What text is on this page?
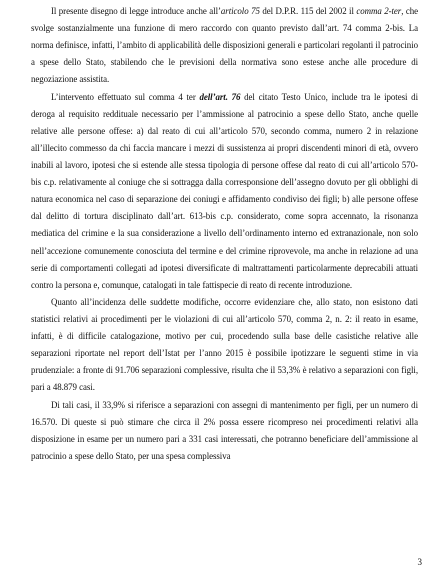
Il presente disegno di legge introduce anche all’articolo 75 del D.P.R. 115 del 2002 il comma 2-ter, che svolge sostanzialmente una funzione di mero raccordo con quanto previsto dall’art. 74 comma 2-bis. La norma definisce, infatti, l’ambito di applicabilità delle disposizioni generali e particolari regolanti il patrocinio a spese dello Stato, stabilendo che le previsioni della normativa sono estese anche alle procedure di negoziazione assistita.

L’intervento effettuato sul comma 4 ter dell’art. 76 del citato Testo Unico, include tra le ipotesi di deroga al requisito reddituale necessario per l’ammissione al patrocinio a spese dello Stato, anche quelle relative alle persone offese: a) dal reato di cui all’articolo 570, secondo comma, numero 2 in relazione all’illecito commesso da chi faccia mancare i mezzi di sussistenza ai propri discendenti minori di età, ovvero inabili al lavoro, ipotesi che si estende alle stessa tipologia di persone offese dal reato di cui all’articolo 570-bis c.p. relativamente al coniuge che si sottragga dalla corresponsione dell’assegno dovuto per gli obblighi di natura economica nel caso di separazione dei coniugi e affidamento condiviso dei figli; b) alle persone offese dal delitto di tortura disciplinato dall’art. 613-bis c.p. considerato, come sopra accennato, la risonanza mediatica del crimine e la sua considerazione a livello dell’ordinamento interno ed extranazionale, non solo nell’accezione comunemente conosciuta del termine e del crimine riprovevole, ma anche in relazione ad una serie di comportamenti collegati ad ipotesi diversificate di maltrattamenti particolarmente deprecabili attuati contro la persona e, comunque, catalogati in tale fattispecie di reato di recente introduzione.

Quanto all’incidenza delle suddette modifiche, occorre evidenziare che, allo stato, non esistono dati statistici relativi ai procedimenti per le violazioni di cui all’articolo 570, comma 2, n. 2: il reato in esame, infatti, è di difficile catalogazione, motivo per cui, procedendo sulla base delle casistiche relative alle separazioni riportate nel report dell’Istat per l’anno 2015 è possibile ipotizzare le seguenti stime in via prudenziale: a fronte di 91.706 separazioni complessive, risulta che il 53,3% è relativo a separazioni con figli, pari a 48.879 casi.

Di tali casi, il 33,9% si riferisce a separazioni con assegni di mantenimento per figli, per un numero di 16.570. Di queste si può stimare che circa il 2% possa essere ricompreso nei procedimenti relativi alla disposizione in esame per un numero pari a 331 casi interessati, che potranno beneficiare dell’ammissione al patrocinio a spese dello Stato, per una spesa complessiva

3
